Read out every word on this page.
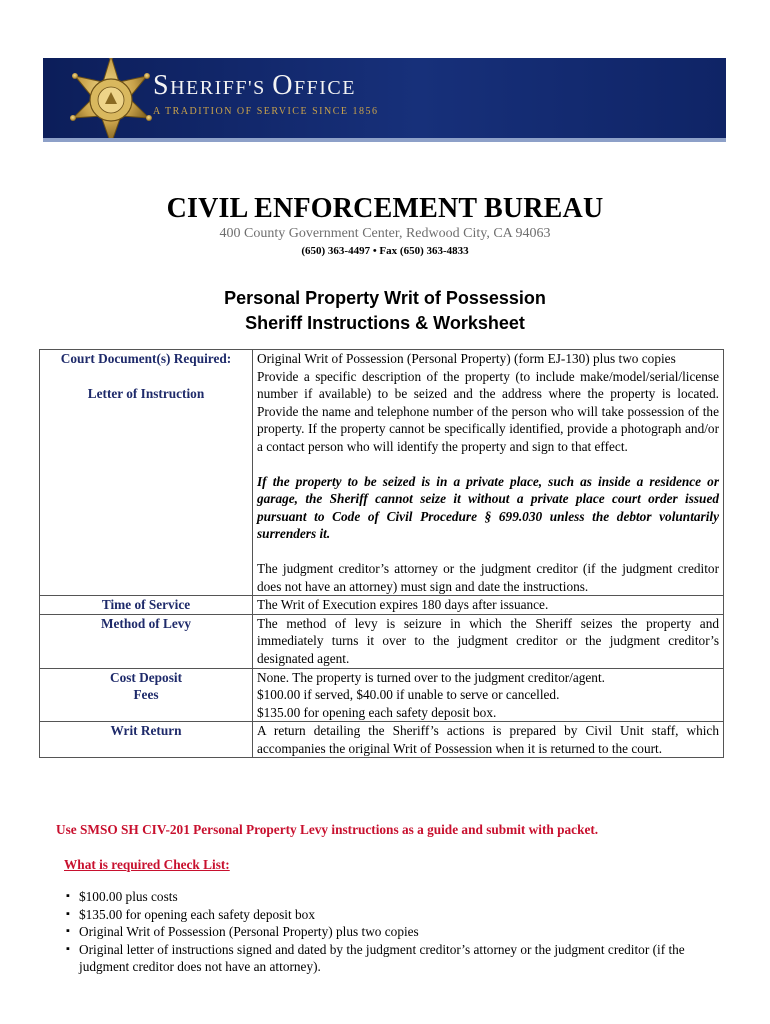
SHERIFF'S OFFICE
A TRADITION OF SERVICE SINCE 1856
CIVIL ENFORCEMENT BUREAU
400 County Government Center, Redwood City, CA 94063
(650) 363-4497 • Fax (650) 363-4833
Personal Property Writ of Possession
Sheriff Instructions & Worksheet
Court Document(s) Required:
Letter of Instruction	Original Writ of Possession (Personal Property) (form EJ-130) plus two copies
Provide a specific description of the property (to include make/model/serial/license number if available) to be seized and the address where the property is located. Provide the name and telephone number of the person who will take possession of the property. If the property cannot be specifically identified, provide a photograph and/or a contact person who will identify the property and sign to that effect.
If the property to be seized is in a private place, such as inside a residence or garage, the Sheriff cannot seize it without a private place court order issued pursuant to Code of Civil Procedure § 699.030 unless the debtor voluntarily surrenders it.
The judgment creditor’s attorney or the judgment creditor (if the judgment creditor does not have an attorney) must sign and date the instructions.

Time of Service	The Writ of Execution expires 180 days after issuance.
Method of Levy	The method of levy is seizure in which the Sheriff seizes the property and immediately turns it over to the judgment creditor or the judgment creditor’s designated agent.

Cost Deposit
Fees	None. The property is turned over to the judgment creditor/agent.
$100.00 if served, $40.00 if unable to serve or cancelled.
$135.00 for opening each safety deposit box.

Writ Return	A return detailing the Sheriff’s actions is prepared by Civil Unit staff, which accompanies the original Writ of Possession when it is returned to the court.
Use SMSO SH CIV-201 Personal Property Levy instructions as a guide and submit with packet.
What is required Check List:
▪ $100.00 plus costs
▪ $135.00 for opening each safety deposit box
▪ Original Writ of Possession (Personal Property) plus two copies
▪ Original letter of instructions signed and dated by the judgment creditor’s attorney or the judgment creditor (if the judgment creditor does not have an attorney).
